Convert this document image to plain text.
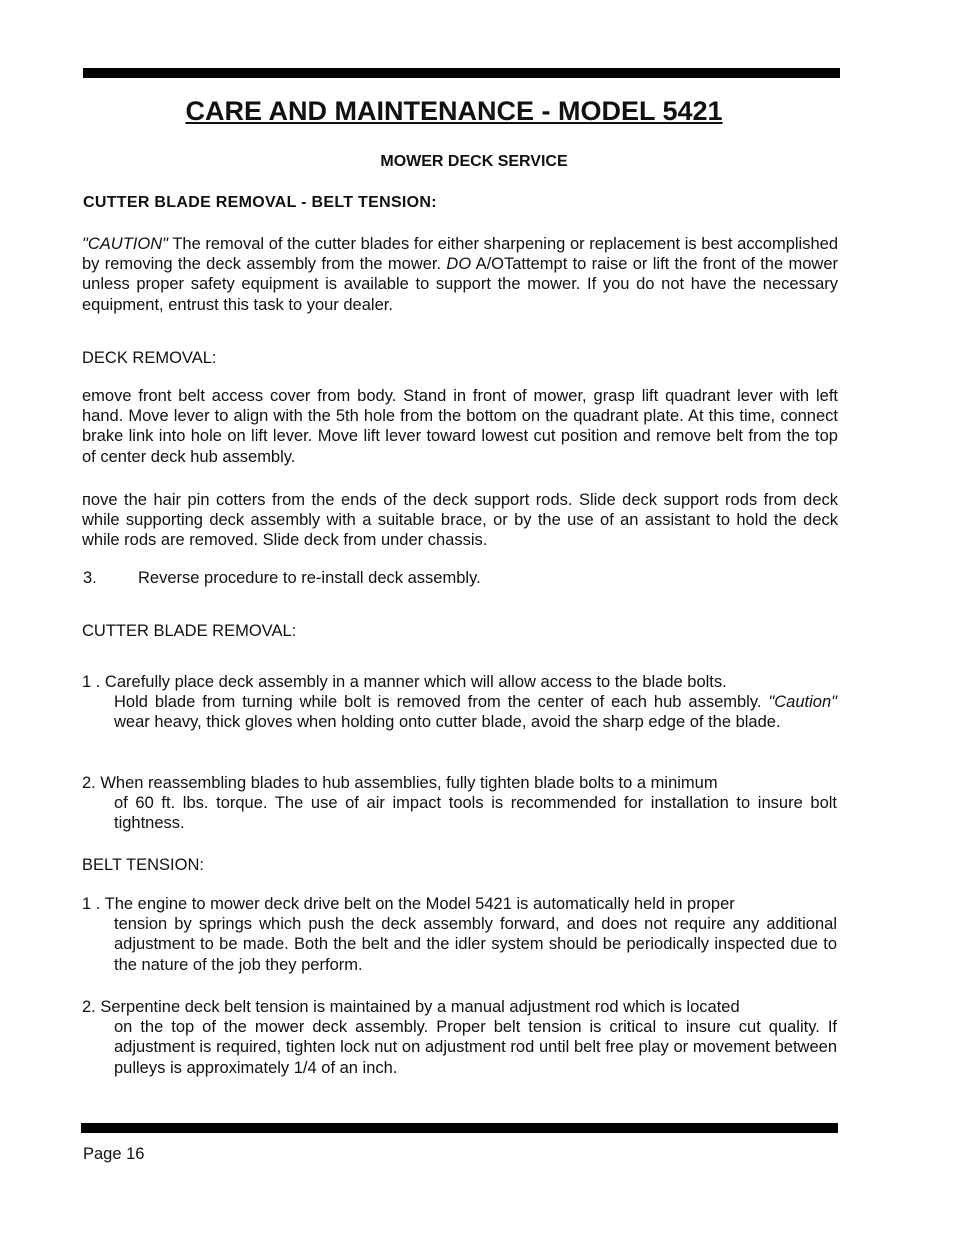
CARE AND MAINTENANCE - MODEL 5421
MOWER DECK SERVICE
CUTTER BLADE REMOVAL - BELT TENSION:
"CAUTION" The removal of the cutter blades for either sharpening or replacement is best accomplished by removing the deck assembly from the mower. DO A/OTattempt to raise or lift the front of the mower unless proper safety equipment is available to support the mower. If you do not have the necessary equipment, entrust this task to your dealer.
DECK REMOVAL:
еmove front belt access cover from body. Stand in front of mower, grasp lift quadrant lever with left hand. Move lever to align with the 5th hole from the bottom on the quadrant plate. At this time, connect brake link into hole on lift lever. Move lift lever toward lowest cut position and remove belt from the top of center deck hub assembly.
пove the hair pin cotters from the ends of the deck support rods. Slide deck support rods from deck while supporting deck assembly with a suitable brace, or by the use of an assistant to hold the deck while rods are removed. Slide deck from under chassis.
3. Reverse procedure to re-install deck assembly.
CUTTER BLADE REMOVAL:
1 . Carefully place deck assembly in a manner which will allow access to the blade bolts.
Hold blade from turning while bolt is removed from the center of each hub assembly. "Caution" wear heavy, thick gloves when holding onto cutter blade, avoid the sharp edge of the blade.
2. When reassembling blades to hub assemblies, fully tighten blade bolts to a minimum
of 60 ft. lbs. torque. The use of air impact tools is recommended for installation to insure bolt tightness.
BELT TENSION:
1 . The engine to mower deck drive belt on the Model 5421 is automatically held in proper
tension by springs which push the deck assembly forward, and does not require any additional adjustment to be made. Both the belt and the idler system should be periodically inspected due to the nature of the job they perform.
2. Serpentine deck belt tension is maintained by a manual adjustment rod which is located
on the top of the mower deck assembly. Proper belt tension is critical to insure cut quality. If adjustment is required, tighten lock nut on adjustment rod until belt free play or movement between pulleys is approximately 1/4 of an inch.
Page 16
